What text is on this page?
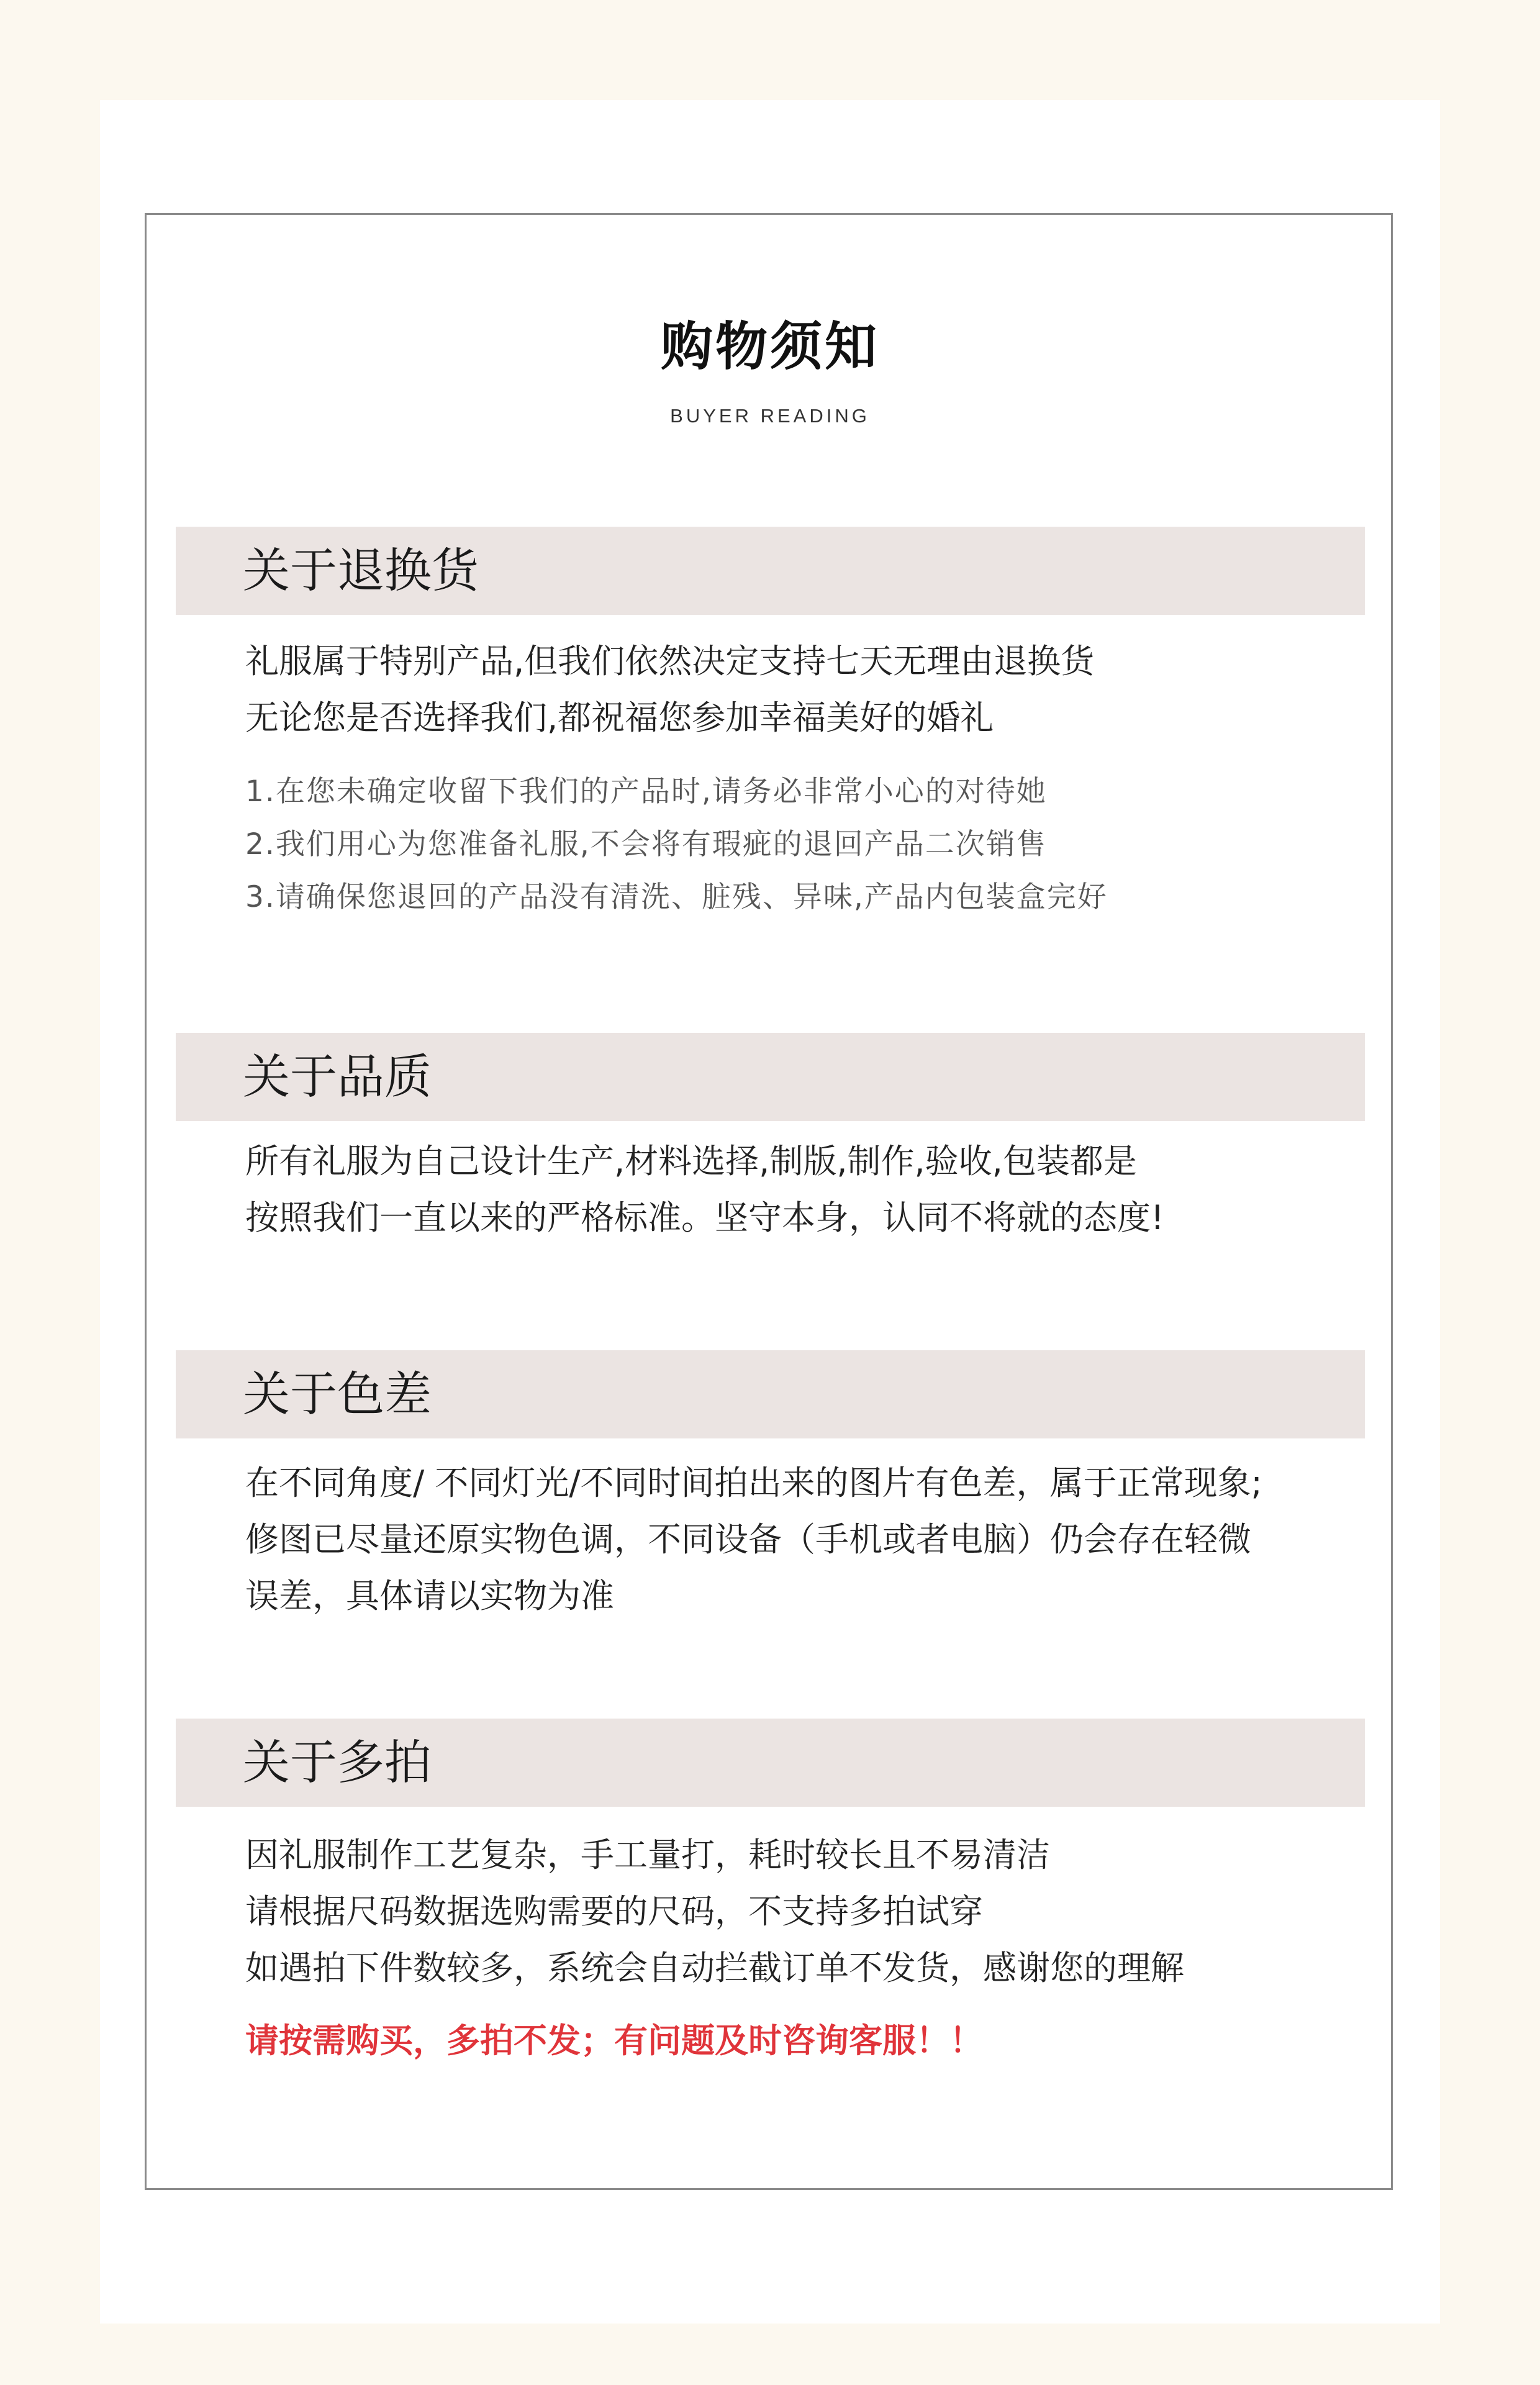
购物须知
BUYER READING
关于退换货
礼服属于特别产品,但我们依然决定支持七天无理由退换货
无论您是否选择我们,都祝福您参加幸福美好的婚礼
1.在您未确定收留下我们的产品时,请务必非常小心的对待她
2.我们用心为您准备礼服,不会将有瑕疵的退回产品二次销售
3.请确保您退回的产品没有清洗、脏残、异味,产品内包装盒完好
关于品质
所有礼服为自己设计生产,材料选择,制版,制作,验收,包装都是
按照我们一直以来的严格标准。坚守本身，认同不将就的态度!
关于色差
在不同角度/ 不同灯光/不同时间拍出来的图片有色差，属于正常现象;
修图已尽量还原实物色调，不同设备（手机或者电脑）仍会存在轻微
误差，具体请以实物为准
关于多拍
因礼服制作工艺复杂，手工量打，耗时较长且不易清洁
请根据尺码数据选购需要的尺码，不支持多拍试穿
如遇拍下件数较多，系统会自动拦截订单不发货，感谢您的理解
请按需购买，多拍不发；有问题及时咨询客服！！
